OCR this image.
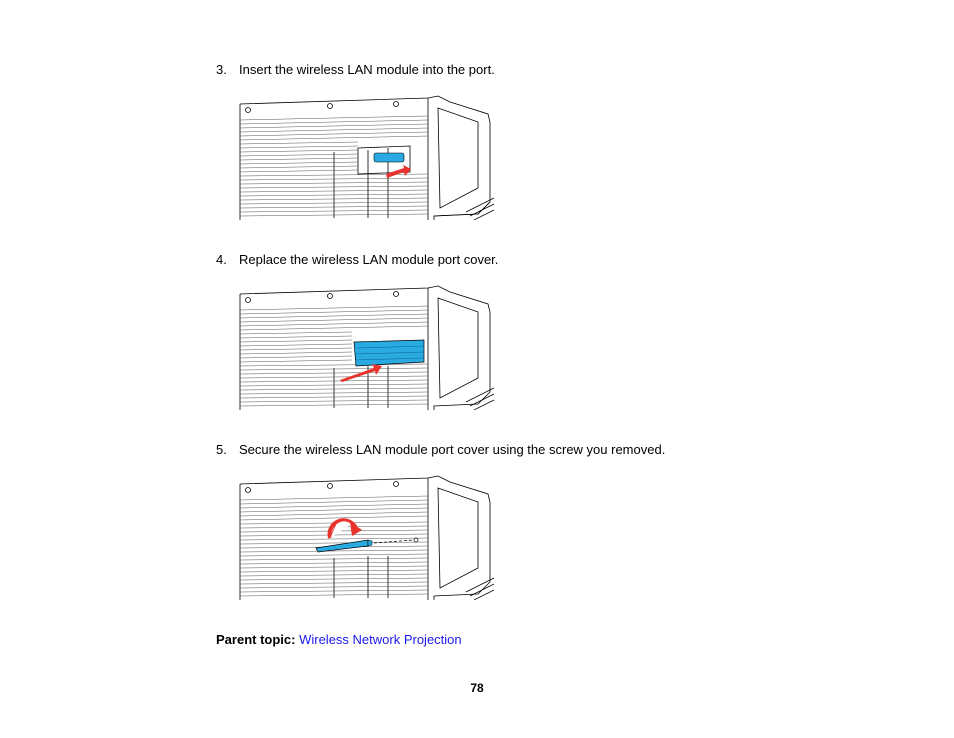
3. Insert the wireless LAN module into the port.
4. Replace the wireless LAN module port cover.
5. Secure the wireless LAN module port cover using the screw you removed.
Parent topic: Wireless Network Projection
78
